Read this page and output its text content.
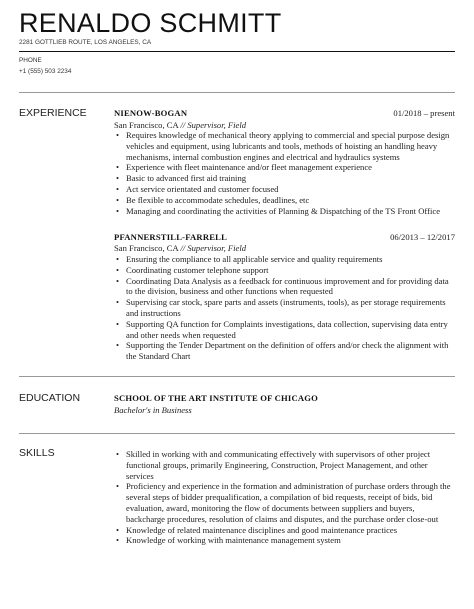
RENALDO SCHMITT
2281 GOTTLIEB ROUTE, LOS ANGELES, CA
PHONE
+1 (555) 503 2234
EXPERIENCE	NIENOW-BOGAN	01/2018 – present
San Francisco, CA // Supervisor, Field
• Requires knowledge of mechanical theory applying to commercial and special purpose design vehicles and equipment, using lubricants and tools, methods of hoisting an handling heavy mechanisms, internal combustion engines and electrical and hydraulics systems
• Experience with fleet maintenance and/or fleet management experience
• Basic to advanced first aid training
• Act service orientated and customer focused
• Be flexible to accommodate schedules, deadlines, etc
• Managing and coordinating the activities of Planning & Dispatching of the TS Front Office
PFANNERSTILL-FARRELL	06/2013 – 12/2017
San Francisco, CA // Supervisor, Field
• Ensuring the compliance to all applicable service and quality requirements
• Coordinating customer telephone support
• Coordinating Data Analysis as a feedback for continuous improvement and for providing data to the division, business and other functions when requested
• Supervising car stock, spare parts and assets (instruments, tools), as per storage requirements and instructions
• Supporting QA function for Complaints investigations, data collection, supervising data entry and other needs when requested
• Supporting the Tender Department on the definition of offers and/or check the alignment with the Standard Chart
EDUCATION	SCHOOL OF THE ART INSTITUTE OF CHICAGO
Bachelor's in Business
SKILLS
•	Skilled in working with and communicating effectively with supervisors of other project functional groups, primarily Engineering, Construction, Project Management, and other services
• Proficiency and experience in the formation and administration of purchase orders through the several steps of bidder prequalification, a compilation of bid requests, receipt of bids, bid evaluation, award, monitoring the flow of documents between suppliers and buyers, backcharge procedures, resolution of claims and disputes, and the purchase order close-out
• Knowledge of related maintenance disciplines and good maintenance practices
• Knowledge of working with maintenance management system
